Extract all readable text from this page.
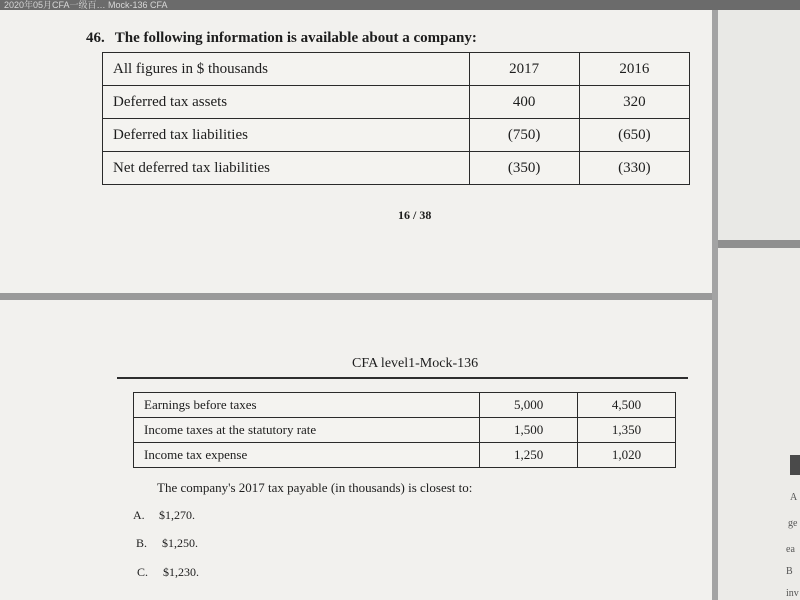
2020年05月CFA一级百… Mock-136 CFA
46. The following information is available about a company:
All figures in $ thousands	2017	2016
Deferred tax assets	400	320
Deferred tax liabilities	(750)	(650)
Net deferred tax liabilities	(350)	(330)
16 / 38
CFA level1-Mock-136
Earnings before taxes	5,000	4,500
Income taxes at the statutory rate	1,500	1,350
Income tax expense	1,250	1,020
The company's 2017 tax payable (in thousands) is closest to:
A. $1,270.
B. $1,250.
C. $1,230.
A
ge
ea
B
inv
